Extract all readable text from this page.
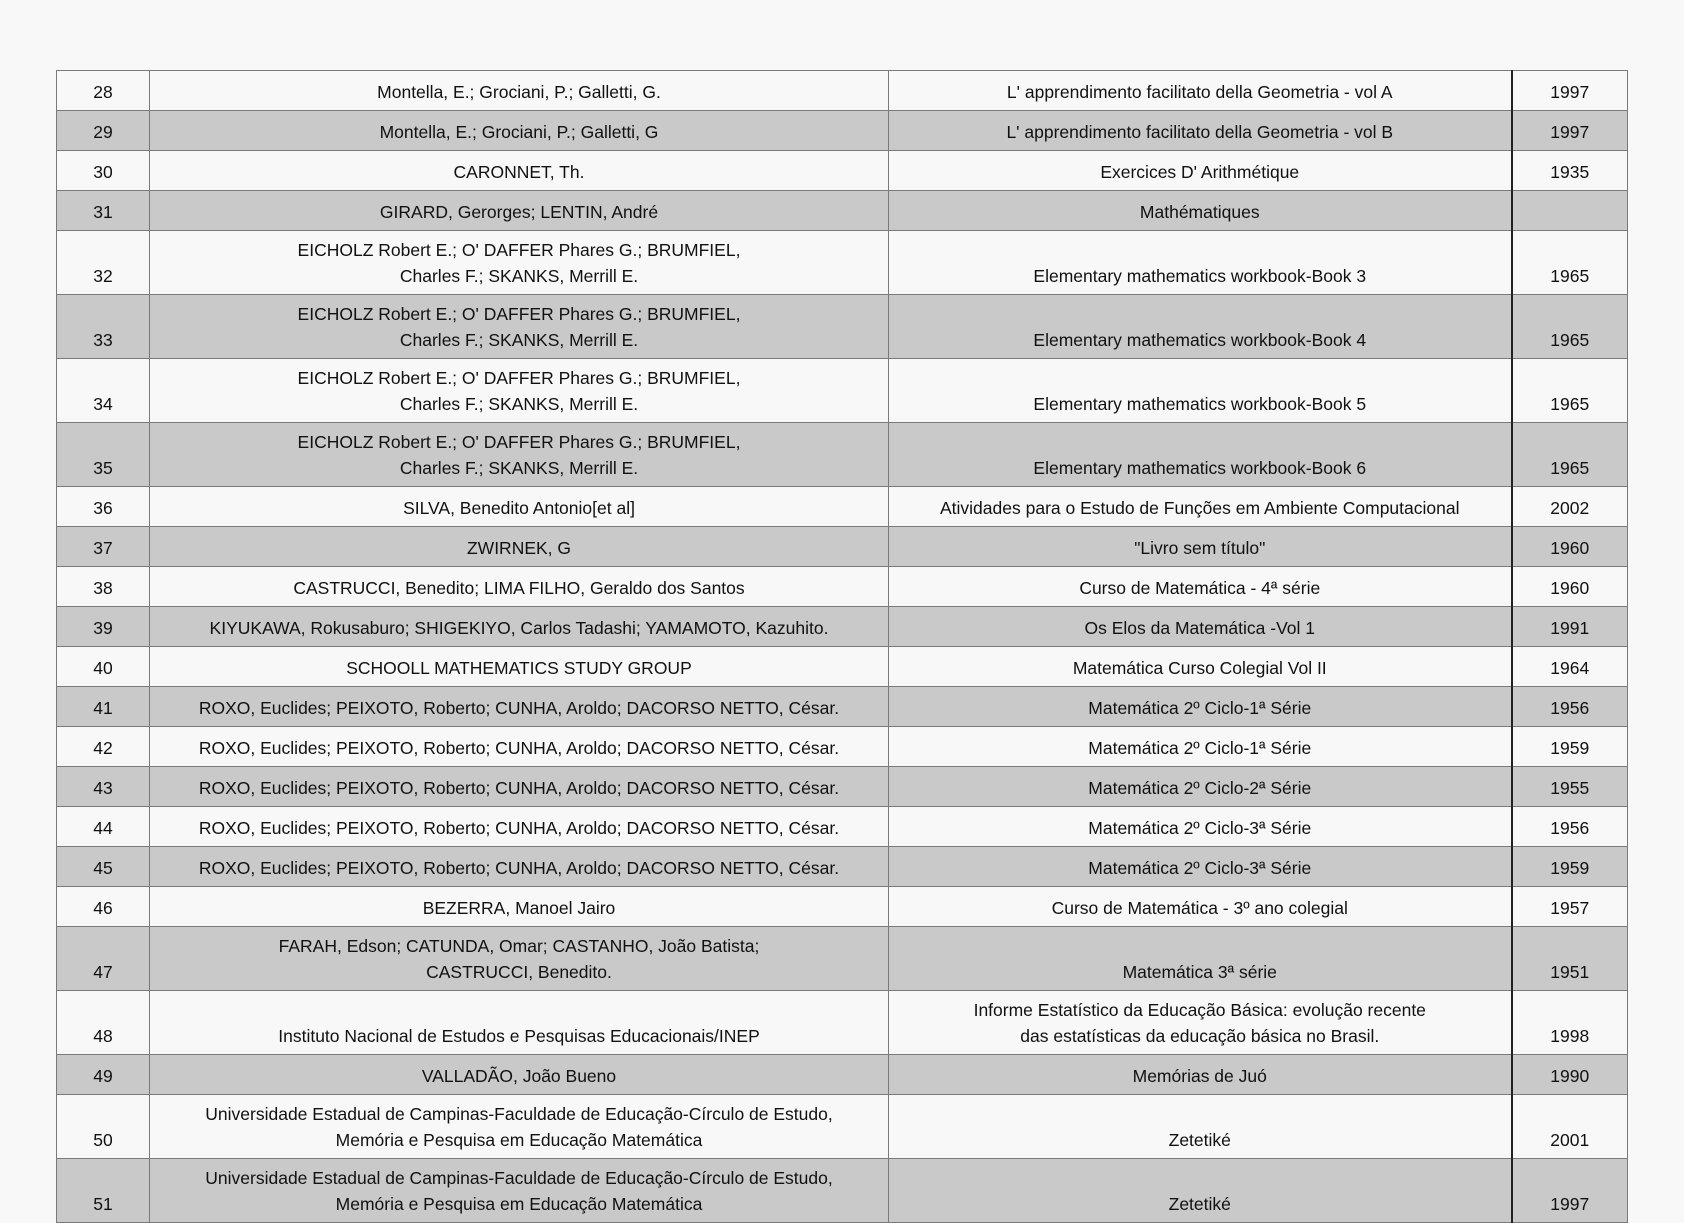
28	Montella, E.; Grociani, P.; Galletti, G.	L' apprendimento facilitato della Geometria - vol A	1997

29	Montella, E.; Grociani, P.; Galletti, G	L' apprendimento facilitato della Geometria - vol B	1997

30	CARONNET, Th.	Exercices D' Arithmétique	1935

31	GIRARD, Gerorges; LENTIN, André	Mathématiques	

32	EICHOLZ Robert E.; O' DAFFER Phares G.; BRUMFIEL,
Charles F.; SKANKS, Merrill E.	Elementary mathematics workbook-Book 3	1965

33	EICHOLZ Robert E.; O' DAFFER Phares G.; BRUMFIEL,
Charles F.; SKANKS, Merrill E.	Elementary mathematics workbook-Book 4	1965

34	EICHOLZ Robert E.; O' DAFFER Phares G.; BRUMFIEL,
Charles F.; SKANKS, Merrill E.	Elementary mathematics workbook-Book 5	1965

35	EICHOLZ Robert E.; O' DAFFER Phares G.; BRUMFIEL,
Charles F.; SKANKS, Merrill E.	Elementary mathematics workbook-Book 6	1965

36	SILVA, Benedito Antonio[et al]	Atividades para o Estudo de Funções em Ambiente Computacional	2002

37	ZWIRNEK, G	"Livro sem título"	1960

38	CASTRUCCI, Benedito; LIMA FILHO, Geraldo dos Santos	Curso de Matemática - 4ª série	1960

39	KIYUKAWA, Rokusaburo; SHIGEKIYO, Carlos Tadashi; YAMAMOTO, Kazuhito.	Os Elos da Matemática -Vol 1	1991

40	SCHOOLL MATHEMATICS STUDY GROUP	Matemática Curso Colegial Vol II	1964

41	ROXO, Euclides; PEIXOTO, Roberto; CUNHA, Aroldo; DACORSO NETTO, César.	Matemática 2º Ciclo-1ª Série	1956

42	ROXO, Euclides; PEIXOTO, Roberto; CUNHA, Aroldo; DACORSO NETTO, César.	Matemática 2º Ciclo-1ª Série	1959

43	ROXO, Euclides; PEIXOTO, Roberto; CUNHA, Aroldo; DACORSO NETTO, César.	Matemática 2º Ciclo-2ª Série	1955

44	ROXO, Euclides; PEIXOTO, Roberto; CUNHA, Aroldo; DACORSO NETTO, César.	Matemática 2º Ciclo-3ª Série	1956

45	ROXO, Euclides; PEIXOTO, Roberto; CUNHA, Aroldo; DACORSO NETTO, César.	Matemática 2º Ciclo-3ª Série	1959

46	BEZERRA, Manoel Jairo	Curso de Matemática - 3º ano colegial	1957

47	FARAH, Edson; CATUNDA, Omar; CASTANHO, João Batista;
CASTRUCCI, Benedito.	Matemática 3ª série	1951

48	Instituto Nacional de Estudos e Pesquisas Educacionais/INEP	Informe Estatístico da Educação Básica: evolução recente
das estatísticas da educação básica no Brasil.	1998

49	VALLADÃO, João Bueno	Memórias de Juó	1990

50	Universidade Estadual de Campinas-Faculdade de Educação-Círculo de Estudo,
Memória e Pesquisa em Educação Matemática	Zetetiké	2001

51	Universidade Estadual de Campinas-Faculdade de Educação-Círculo de Estudo,
Memória e Pesquisa em Educação Matemática	Zetetiké	1997
